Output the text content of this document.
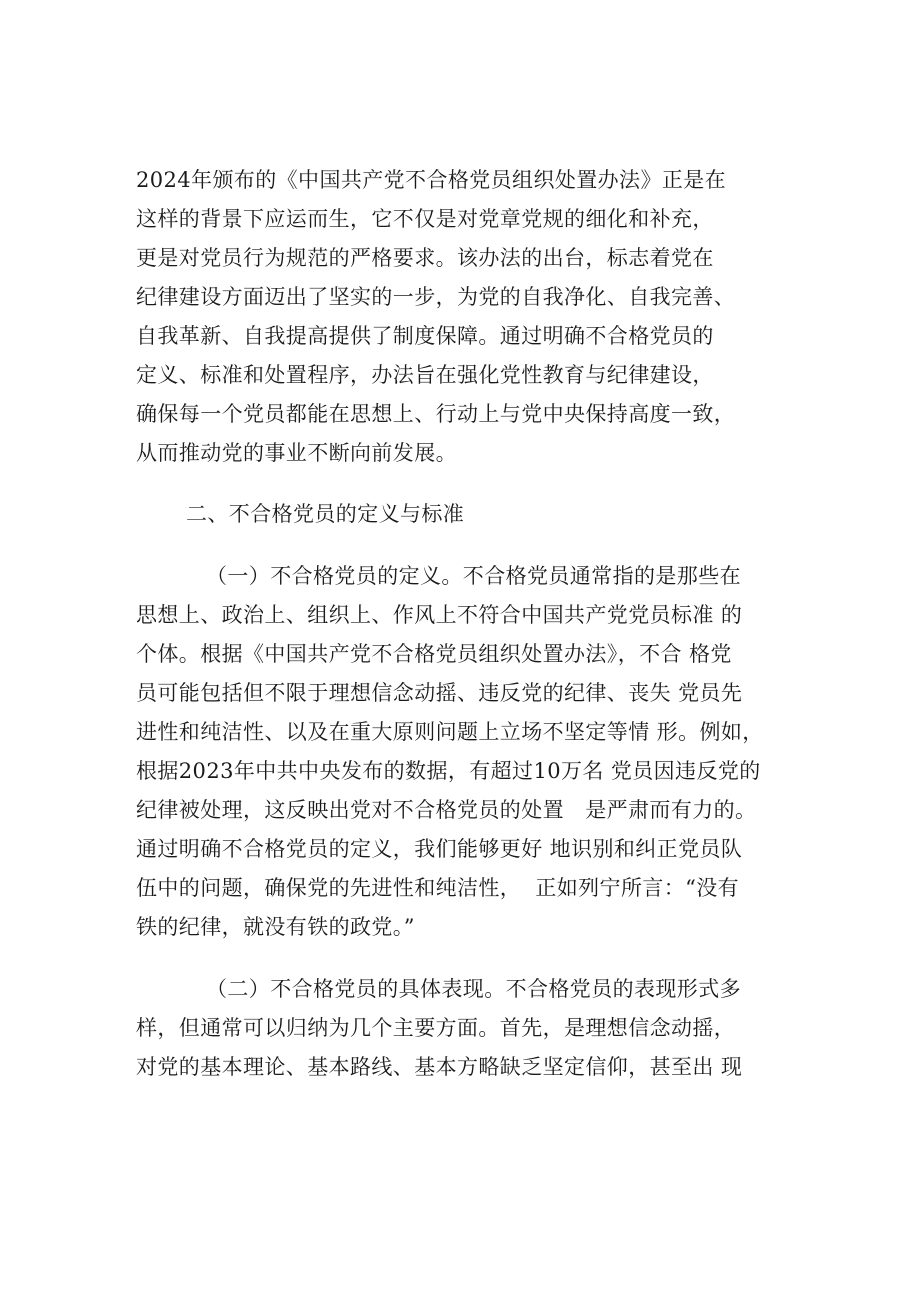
2024年颁布的《中国共产党不合格党员组织处置办法》正是在

这样的背景下应运而生，它不仅是对党章党规的细化和补充，

更是对党员行为规范的严格要求。该办法的出台，标志着党在

纪律建设方面迈出了坚实的一步，为党的自我净化、自我完善、

自我革新、自我提高提供了制度保障。通过明确不合格党员的

定义、标准和处置程序，办法旨在强化党性教育与纪律建设，

确保每一个党员都能在思想上、行动上与党中央保持高度一致，

从而推动党的事业不断向前发展。

二、不合格党员的定义与标准

（一）不合格党员的定义。不合格党员通常指的是那些在

思想上、政治上、组织上、作风上不符合中国共产党党员标准 的

个体。根据《中国共产党不合格党员组织处置办法》，不合 格党

员可能包括但不限于理想信念动摇、违反党的纪律、丧失 党员先

进性和纯洁性、以及在重大原则问题上立场不坚定等情 形。例如，

根据2023年中共中央发布的数据，有超过10万名 党员因违反党的

纪律被处理，这反映出党对不合格党员的处置   是严肃而有力的。

通过明确不合格党员的定义，我们能够更好 地识别和纠正党员队

伍中的问题，确保党的先进性和纯洁性，  正如列宁所言：“没有

铁的纪律，就没有铁的政党。”

（二）不合格党员的具体表现。不合格党员的表现形式多

样，但通常可以归纳为几个主要方面。首先，是理想信念动摇，

对党的基本理论、基本路线、基本方略缺乏坚定信仰，甚至出 现
